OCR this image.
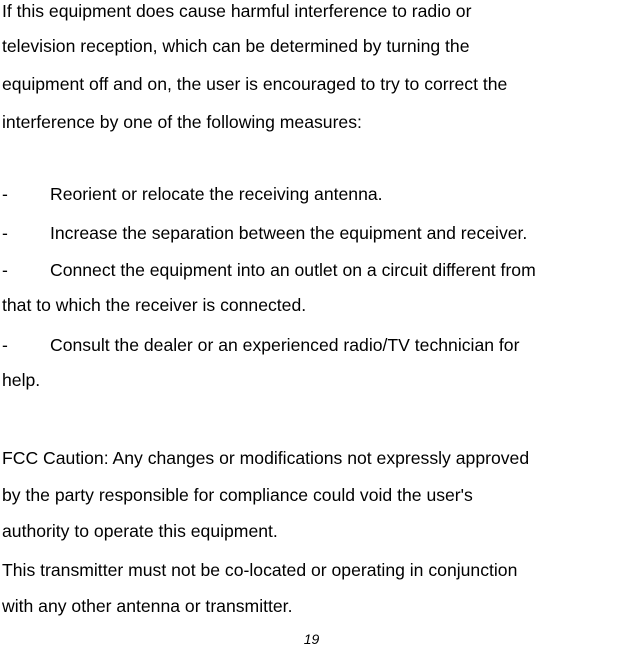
If this equipment does cause harmful interference to radio or
television reception, which can be determined by turning the
equipment off and on, the user is encouraged to try to correct the
interference by one of the following measures:
- Reorient or relocate the receiving antenna.
- Increase the separation between the equipment and receiver.
- Connect the equipment into an outlet on a circuit different from
that to which the receiver is connected.
- Consult the dealer or an experienced radio/TV technician for
help.
FCC Caution: Any changes or modifications not expressly approved
by the party responsible for compliance could void the user's
authority to operate this equipment.
This transmitter must not be co-located or operating in conjunction
with any other antenna or transmitter.
19
